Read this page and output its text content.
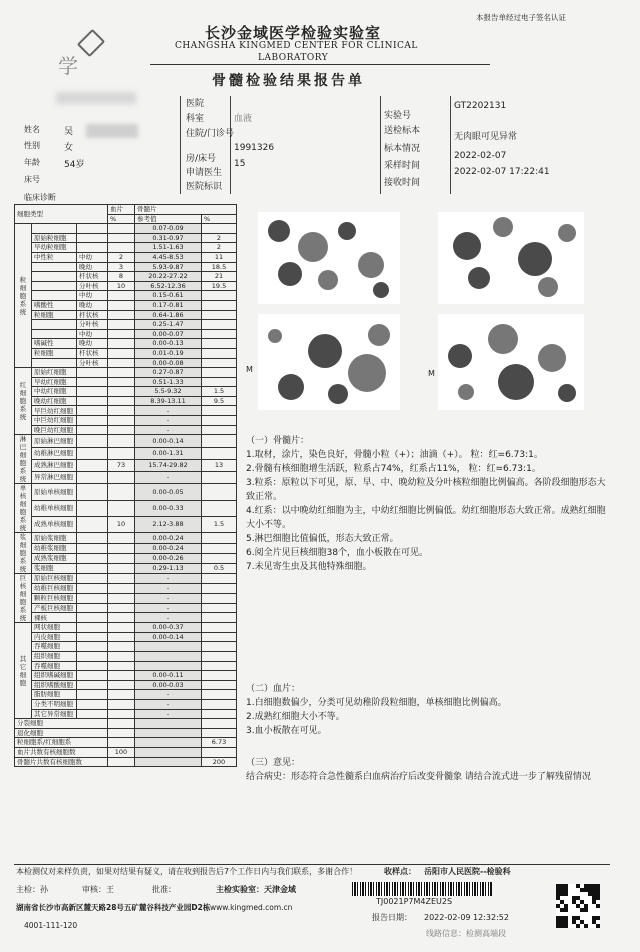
学
本报告单经过电子签名认证
长沙金域医学检验实验室
CHANGSHA KINGMED CENTER FOR CLINICAL
LABORATORY
骨髓检验结果报告单
医院
科室	血液
住院/门诊号
1991326
房/床号 15
申请医生
医院标识
实验号
GT2202131
送检标本
标本情况
无肉眼可见异常
采样时间
2022-02-07
接收时间
2022-02-07 17:22:41
姓名	吴
性别	女
年龄	54岁
床号
临床诊断
细胞类型			血片	骨髓片	
			%	参考值	%
粒细胞系统				0.07-0.09	
	原始粒细胞			0.31-0.97	2
	早幼粒细胞			1.51-1.63	2
	中性粒	中幼	2	4.45-8.53	11
		晚幼	3	5.93-9.87	18.5
		杆状核	8	20.22-27.22	21
		分叶核	10	6.52-12.36	19.5
		中幼		0.15-0.61	
	嗜酸性	晚幼		0.17-0.81	
	粒细胞	杆状核		0.64-1.86	
		分叶核		0.25-1.47	
		中幼		0.00-0.07	
	嗜碱性	晚幼		0.00-0.13	
	粒细胞	杆状核		0.01-0.19	
		分叶核		0.00-0.08	
红细胞系统	原始红细胞			0.27-0.87	
	早幼红细胞			0.51-1.33	
	中幼红细胞			5.5-9.32	1.5
	晚幼红细胞			8.39-13.11	9.5
	早巨幼红细胞			-	
	中巨幼红细胞			-	
	晚巨幼红细胞			-	
淋巴细胞系统	原始淋巴细胞			0.00-0.14	
	幼稚淋巴细胞			0.00-1.31	
	成熟淋巴细胞		73	15.74-29.82	13
	异常淋巴细胞			-	
单核细胞系统	原始单核细胞			0.00-0.05	
	幼稚单核细胞			0.00-0.33	
	成熟单核细胞		10	2.12-3.88	1.5
浆细胞系统	原始浆细胞			0.00-0.24	
	幼稚浆细胞			0.00-0.24	
	成熟浆细胞			0.00-0.26	
	浆细胞			0.29-1.13	0.5
巨核细胞系统	原始巨核细胞			-	
	幼稚巨核细胞			-	
	颗粒巨核细胞			-	
	产板巨核细胞			-	
	裸核			-	
其它细胞	网状细胞			0.00-0.37	
	内皮细胞			0.00-0.14	
	吞噬细胞				
	组织细胞				
	吞噬细胞				
	组织嗜碱细胞			0.00-0.11	
	组织嗜酸细胞			0.00-0.03	
	脂肪细胞			-	
	分类不明细胞			-	
	其它异常细胞			-	
分裂细胞					
退化细胞					
粒细胞系/红细胞系					6.73
血片共数有核细胞数			100		
骨髓片共数有核细胞数					200
M	M
（一）骨髓片：
1.取材，涂片，染色良好，骨髓小粒（+）；油滴（+）。 粒：红=6.73:1。
2.骨髓有核细胞增生活跃，粒系占74%，红系占11%， 粒：红=6.73:1。
3.粒系：原粒以下可见，原、早、中、晚幼粒及分叶核粒细胞比例偏高。各阶段细胞形态大致正常。
4.红系：以中晚幼红细胞为主，中幼红细胞比例偏低。幼红细胞形态大致正常。成熟红细胞大小不等。
5.淋巴细胞比值偏低，形态大致正常。
6.阅全片见巨核细胞38个，血小板散在可见。
7.未见寄生虫及其他特殊细胞。
（二）血片：
1.白细胞数偏少，分类可见幼稚阶段粒细胞，单核细胞比例偏高。
2.成熟红细胞大小不等。
3.血小板散在可见。
（三）意见：
结合病史：形态符合急性髓系白血病治疗后改变骨髓象 请结合流式进一步了解残留情况
本检测仅对来样负责，如果对结果有疑义，请在收到报告后7个工作日内与我们联系，多谢合作！	收样点： 岳阳市人民医院--检验科
主检：孙	审核：王	批准：	主检实验室：天津金域
TJ0021P7M4ZEU2S
湖南省长沙市高新区麓天路28号五矿麓谷科技产业园D2栋 www.kingmed.com.cn
4001-111-120
报告日期： 2022-02-09 12:32:52
线路信息：检测高端段
